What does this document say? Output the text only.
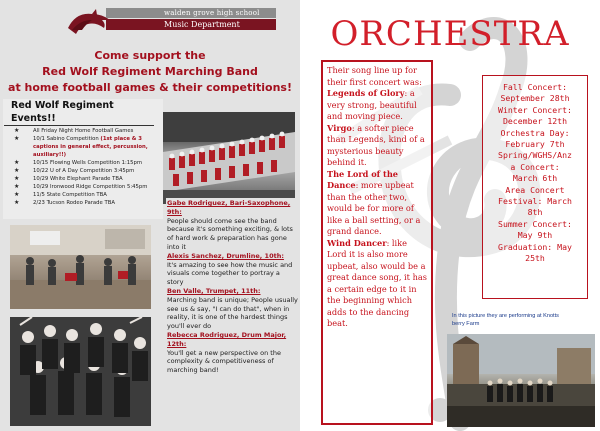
walden grove high school
Music Department
Come support the
Red Wolf Regiment Marching Band
at home football games & their competitions!
Red Wolf Regiment Events!!
★	All Friday Night Home Football Games
★	10/1 Sabino Competition (1st place & 3 captions in general effect, percussion, auxiliary!!)
★	10/15 Flowing Wells Competition 1:15pm
★	10/22 U of A Day Competition 3:45pm
★	10/29 White Elephant Parade TBA
★	10/29 Ironwood Ridge Competition 5:45pm
★	11/5 State Competition TBA
★	2/23 Tucson Rodeo Parade TBA	Gabe Rodriguez, Bari-Saxophone, 9th:
People should come see the band because it's something exciting, & lots of hard work & preparation has gone into it
Alexis Sanchez, Drumline, 10th:
It's amazing to see how the music and visuals come together to portray a story
Ben Valle, Trumpet, 11th:
Marching band is unique; People usually see us & say, "I can do that", when in reality, it is one of the hardest things you'll ever do
Rebecca Rodriguez, Drum Major, 12th:
You'll get a new perspective on the complexity & competitiveness of marching band!
ORCHESTRA
Their song line up for their first concert was: Legends of Glory: a very strong, beautiful and moving piece. Virgo: a softer piece than Legends, kind of a mysterious beauty behind it.
The Lord of the Dance: more upbeat than the other two, would be for more of like a ball setting, or a grand dance.
Wind Dancer: like Lord it is also more upbeat, also would be a great dance song, it has a certain edge to it in the beginning which adds to the dancing beat.
Fall Concert:
September 28th
Winter Concert:
December 12th
Orchestra Day:
February 7th
Spring/WGHS/Anz
a Concert:
March 6th
Area Concert
Festival: March
8th
Summer Concert:
May 9th
Graduation: May
25th
In this picture they are performing at Knotts berry Farm
